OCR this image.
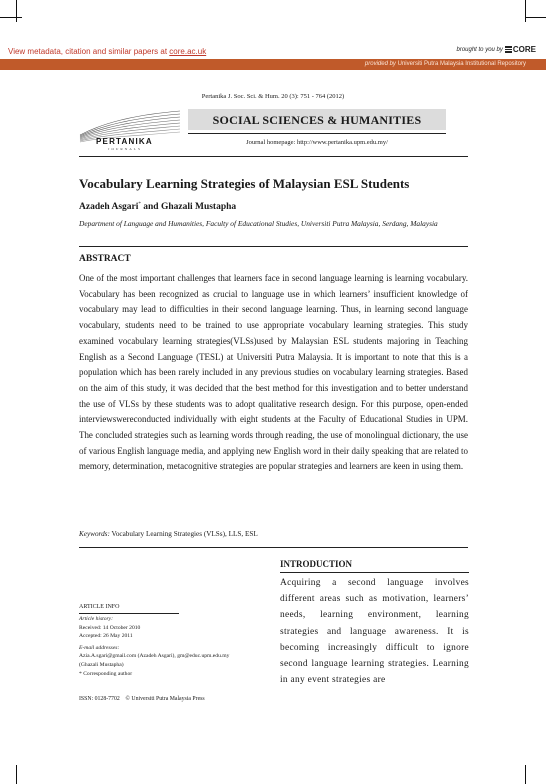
View metadata, citation and similar papers at core.ac.uk	brought to you by CORE
provided by Universiti Putra Malaysia Institutional Repository
Pertanika J. Soc. Sci. & Hum. 20 (3): 751 - 764 (2012)
PERTANIKA
JOURNALS
SOCIAL SCIENCES & HUMANITIES
Journal homepage: http://www.pertanika.upm.edu.my/
Vocabulary Learning Strategies of Malaysian ESL Students
Azadeh Asgari* and Ghazali Mustapha
Department of Language and Humanities, Faculty of Educational Studies, Universiti Putra Malaysia, Serdang, Malaysia
ABSTRACT
One of the most important challenges that learners face in second language learning is learning vocabulary. Vocabulary has been recognized as crucial to language use in which learners’ insufficient knowledge of vocabulary may lead to difficulties in their second language learning. Thus, in learning second language vocabulary, students need to be trained to use appropriate vocabulary learning strategies. This study examined vocabulary learning strategies(VLSs)used by Malaysian ESL students majoring in Teaching English as a Second Language (TESL) at Universiti Putra Malaysia. It is important to note that this is a population which has been rarely included in any previous studies on vocabulary learning strategies. Based on the aim of this study, it was decided that the best method for this investigation and to better understand the use of VLSs by these students was to adopt qualitative research design. For this purpose, open-ended interviewswereconducted individually with eight students at the Faculty of Educational Studies in UPM. The concluded strategies such as learning words through reading, the use of monolingual dictionary, the use of various English language media, and applying new English word in their daily speaking that are related to memory, determination, metacognitive strategies are popular strategies and learners are keen in using them.
Keywords: Vocabulary Learning Strategies (VLSs), LLS, ESL
INTRODUCTION
Acquiring a second language involves different areas such as motivation, learners’ needs, learning environment, learning strategies and language awareness. It is becoming increasingly difficult to ignore second language learning strategies. Learning in any event strategies are
ARTICLE INFO
Article history:
Received: 14 October 2010
Accepted: 26 May 2011
E-mail addresses:
Azia.A.sgari@gmail.com (Azadeh Asgari), gm@educ.upm.edu.my
(Ghazali Mustapha)
* Corresponding author
ISSN: 0128-7702    © Universiti Putra Malaysia Press
